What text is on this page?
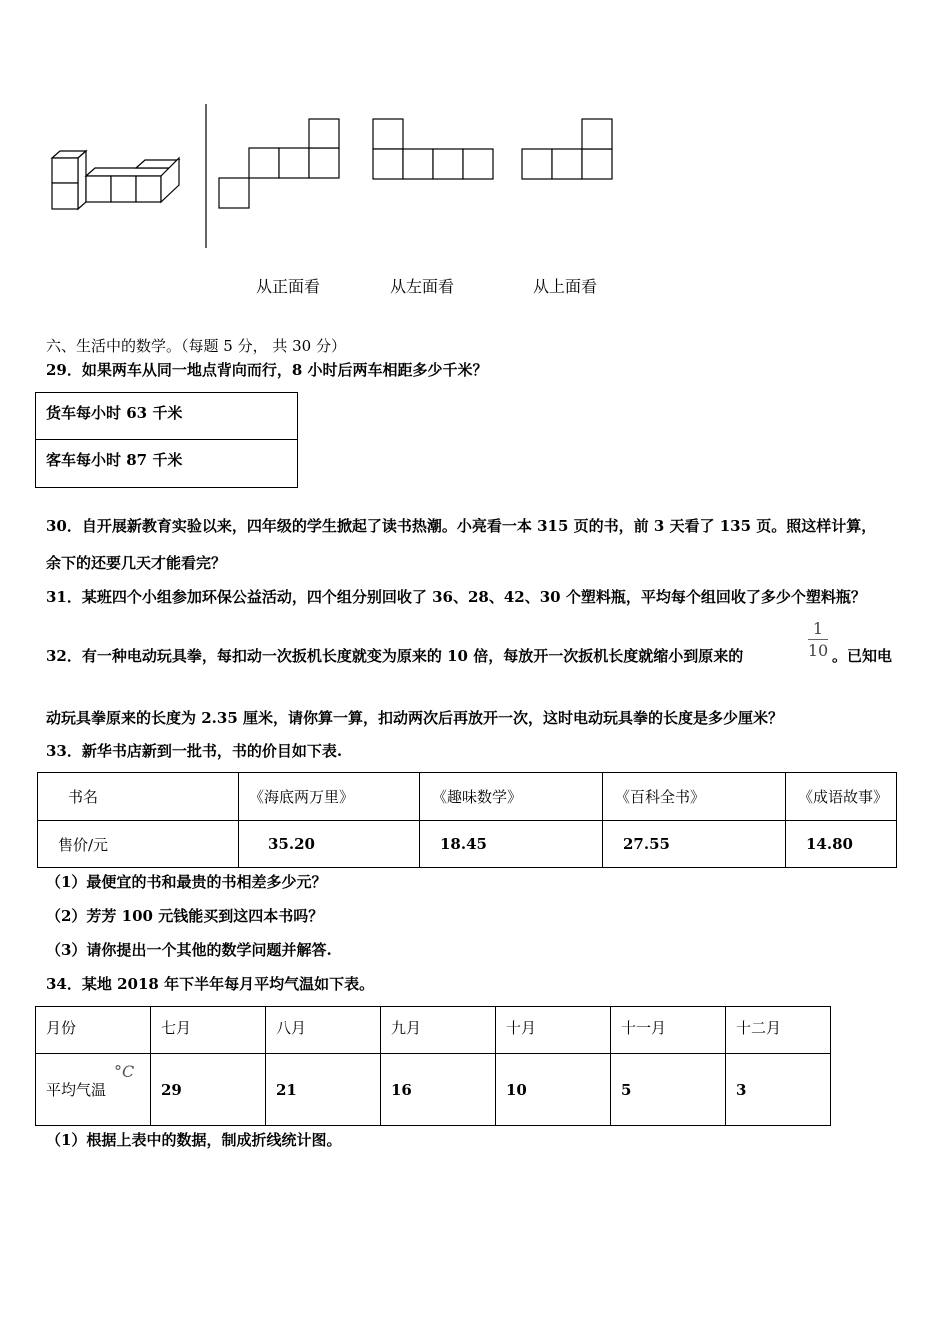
从正面看	从左面看	从上面看
六、生活中的数学。（每题 5 分， 共 30 分）
29．如果两车从同一地点背向而行，8 小时后两车相距多少千米？
货车每小时 63 千米
客车每小时 87 千米
30．自开展新教育实验以来，四年级的学生掀起了读书热潮。小亮看一本 315 页的书，前 3 天看了 135 页。照这样计算，
余下的还要几天才能看完？
31．某班四个小组参加环保公益活动，四个组分别回收了 36、28、42、30 个塑料瓶，平均每个组回收了多少个塑料瓶？
32．有一种电动玩具拳，每扣动一次扳机长度就变为原来的 10 倍，每放开一次扳机长度就缩小到原来的
1
10 。已知电
动玩具拳原来的长度为 2.35 厘米，请你算一算，扣动两次后再放开一次，这时电动玩具拳的长度是多少厘米？
33．新华书店新到一批书，书的价目如下表.
书名	《海底两万里》	《趣味数学》	《百科全书》	《成语故事》
售价/元	35.20	18.45	27.55	14.80
（1）最便宜的书和最贵的书相差多少元？
（2）芳芳 100 元钱能买到这四本书吗？
（3）请你提出一个其他的数学问题并解答.
34．某地 2018 年下半年每月平均气温如下表。
月份	七月	八月	九月	十月	十一月	十二月
平均气温
°C	29	21	16	10	5	3
（1）根据上表中的数据，制成折线统计图。
